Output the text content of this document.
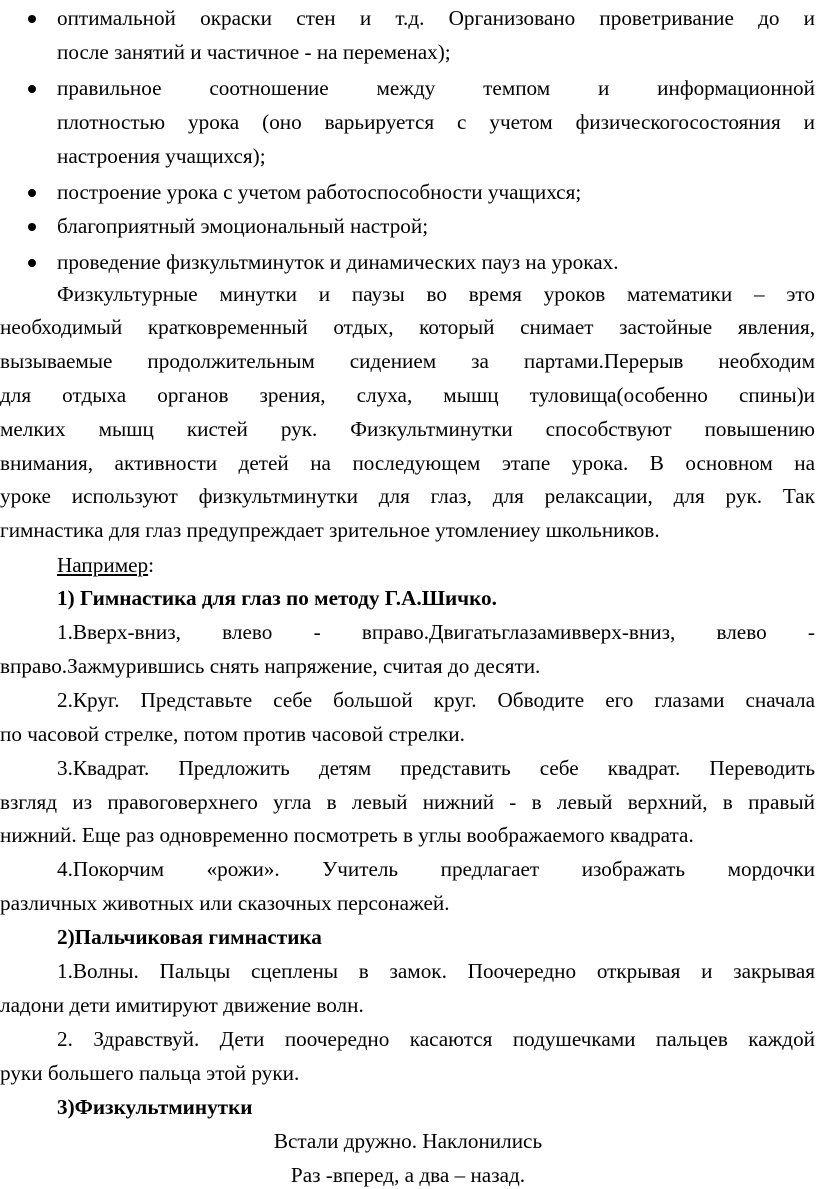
оптимальной окраски стен и т.д. Организовано проветривание до и
после занятий и частичное - на переменах);
правильное соотношение между темпом и информационной
плотностью урока (оно варьируется с учетом физическогосостояния и
настроения учащихся);
построение урока с учетом работоспособности учащихся;
благоприятный эмоциональный настрой;
проведение физкультминуток и динамических пауз на уроках.
Физкультурные минутки и паузы во время уроков математики – это
необходимый кратковременный отдых, который снимает застойные явления,
вызываемые продолжительным сидением за партами.Перерыв необходим
для отдыха органов зрения, слуха, мышц туловища(особенно спины)и
мелких мышц кистей рук. Физкультминутки способствуют повышению
внимания, активности детей на последующем этапе урока. В основном на
уроке используют физкультминутки для глаз, для релаксации, для рук. Так
гимнастика для глаз предупреждает зрительное утомлениеу школьников.
Например:
1) Гимнастика для глаз по методу Г.А.Шичко.
1.Вверх-вниз, влево - вправо.Двигатьглазамивверх-вниз, влево -
вправо.Зажмурившись снять напряжение, считая до десяти.
2.Круг. Представьте себе большой круг. Обводите его глазами сначала
по часовой стрелке, потом против часовой стрелки.
3.Квадрат. Предложить детям представить себе квадрат. Переводить
взгляд из правоговерхнего угла в левый нижний - в левый верхний, в правый
нижний. Еще раз одновременно посмотреть в углы воображаемого квадрата.
4.Покорчим «рожи». Учитель предлагает изображать мордочки
различных животных или сказочных персонажей.
2)Пальчиковая гимнастика
1.Волны. Пальцы сцеплены в замок. Поочередно открывая и закрывая
ладони дети имитируют движение волн.
2. Здравствуй. Дети поочередно касаются подушечками пальцев каждой
руки большего пальца этой руки.
3)Физкультминутки
Встали дружно. Наклонились
Раз -вперед, а два – назад.
